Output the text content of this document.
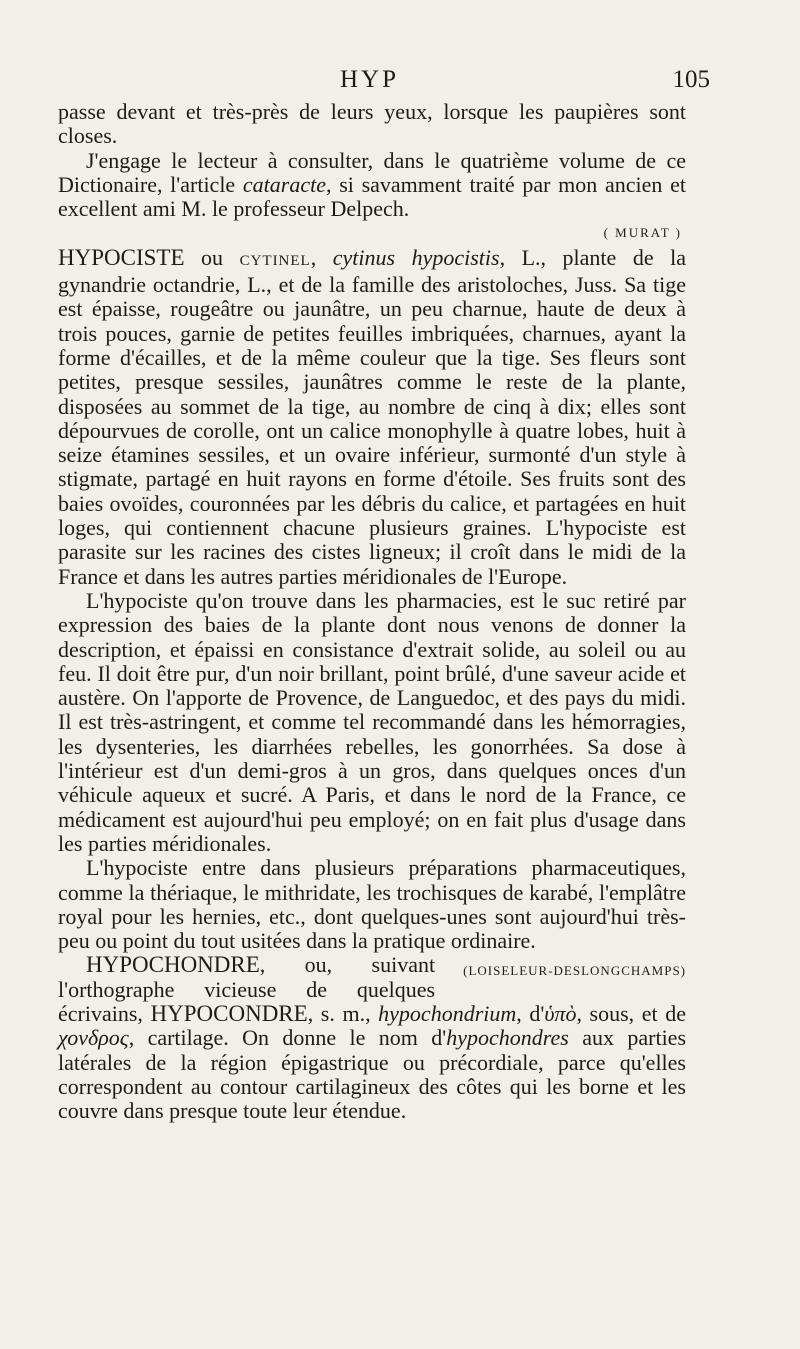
HYP	105

passe devant et très-près de leurs yeux, lorsque les paupières sont closes.

J'engage le lecteur à consulter, dans le quatrième volume de ce Dictionaire, l'article cataracte, si savamment traité par mon ancien et excellent ami M. le professeur Delpech.

( MURAT )

HYPOCISTE ou CYTINEL, cytinus hypocistis, L., plante de la gynandrie octandrie, L., et de la famille des aristoloches, Juss. Sa tige est épaisse, rougeâtre ou jaunâtre, un peu charnue, haute de deux à trois pouces, garnie de petites feuilles imbriquées, charnues, ayant la forme d'écailles, et de la même couleur que la tige. Ses fleurs sont petites, presque sessiles, jaunâtres comme le reste de la plante, disposées au sommet de la tige, au nombre de cinq à dix; elles sont dépourvues de corolle, ont un calice monophylle à quatre lobes, huit à seize étamines sessiles, et un ovaire inférieur, surmonté d'un style à stigmate, partagé en huit rayons en forme d'étoile. Ses fruits sont des baies ovoïdes, couronnées par les débris du calice, et partagées en huit loges, qui contiennent chacune plusieurs graines. L'hypociste est parasite sur les racines des cistes ligneux; il croît dans le midi de la France et dans les autres parties méridionales de l'Europe.

L'hypociste qu'on trouve dans les pharmacies, est le suc retiré par expression des baies de la plante dont nous venons de donner la description, et épaissi en consistance d'extrait solide, au soleil ou au feu. Il doit être pur, d'un noir brillant, point brûlé, d'une saveur acide et austère. On l'apporte de Provence, de Languedoc, et des pays du midi. Il est très-astringent, et comme tel recommandé dans les hémorragies, les dysenteries, les diarrhées rebelles, les gonorrhées. Sa dose à l'intérieur est d'un demi-gros à un gros, dans quelques onces d'un véhicule aqueux et sucré. A Paris, et dans le nord de la France, ce médicament est aujourd'hui peu employé; on en fait plus d'usage dans les parties méridionales.

L'hypociste entre dans plusieurs préparations pharmaceutiques, comme la thériaque, le mithridate, les trochisques de karabé, l'emplâtre royal pour les hernies, etc., dont quelques-unes sont aujourd'hui très-peu ou point du tout usitées dans la pratique ordinaire.
(LOISELEUR-DESLONGCHAMPS)

HYPOCHONDRE, ou, suivant l'orthographe vicieuse de quelques écrivains, HYPOCONDRE, s. m., hypochondrium, d'ὑπὸ, sous, et de χονδρος, cartilage. On donne le nom d'hypochondres aux parties latérales de la région épigastrique ou précordiale, parce qu'elles correspondent au contour cartilagineux des côtes qui les borne et les couvre dans presque toute leur étendue.
